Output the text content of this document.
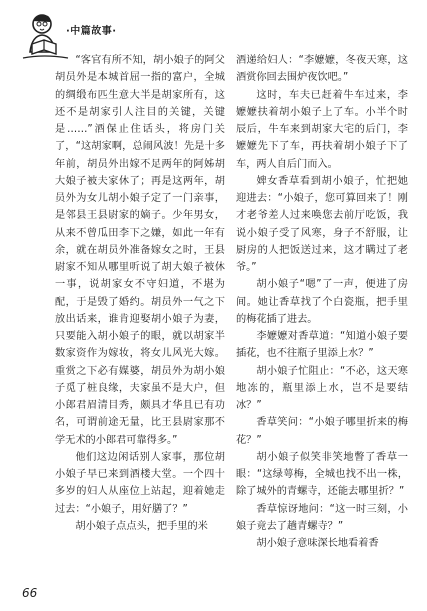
·中篇故事·

“客官有所不知，胡小娘子的阿父胡员外是本城首屈一指的富户，全城的绸缎布匹生意大半是胡家所有，这还不是胡家引人注目的关键，关键是……”酒保止住话头，将房门关了，“这胡家啊，总闹风波！先是十多年前，胡员外出嫁不足两年的阿姊胡大娘子被夫家休了；再是这两年，胡员外为女儿胡小娘子定了一门亲事，是邻县王县尉家的嫡子。少年男女，从来不曾瓜田李下之嫌，如此一年有余，就在胡员外准备嫁女之时，王县尉家不知从哪里听说了胡大娘子被休一事，说胡家女不守妇道，不堪为配，于是毁了婚约。胡员外一气之下放出话来，谁肯迎娶胡小娘子为妻，只要能入胡小娘子的眼，就以胡家半数家资作为嫁妆，将女儿风光大嫁。重赏之下必有媒婆，胡员外为胡小娘子觅了桩良缘，夫家虽不是大户，但小郎君眉清目秀，颇具才华且已有功名，可谓前途无量，比王县尉家那不学无术的小郎君可靠得多。”

他们这边闲话别人家事，那位胡小娘子早已来到酒楼大堂。一个四十多岁的妇人从座位上站起，迎着她走过去：“小娘子，用好膳了？”

胡小娘子点点头，把手里的米

酒递给妇人：“李嬷嬷，冬夜天寒，这酒赏你回去围炉夜饮吧。”

这时，车夫已赶着牛车过来，李嬷嬷扶着胡小娘子上了车。小半个时辰后，牛车来到胡家大宅的后门，李嬷嬷先下了车，再扶着胡小娘子下了车，两人自后门而入。

婢女香草看到胡小娘子，忙把她迎进去：“小娘子，您可算回来了！刚才老爷差人过来唤您去前厅吃饭，我说小娘子受了风寒，身子不舒服，让厨房的人把饭送过来，这才瞒过了老爷。”

胡小娘子“嗯”了一声，便进了房间。她让香草找了个白瓷瓶，把手里的梅花插了进去。

李嬷嬷对香草道：“知道小娘子要插花，也不往瓶子里添上水？”

胡小娘子忙阻止：“不必，这天寒地冻的，瓶里添上水，岂不是要结冰？”

香草笑问：“小娘子哪里折来的梅花？”

胡小娘子似笑非笑地瞥了香草一眼：“这绿萼梅，全城也找不出一株，除了城外的青螺寺，还能去哪里折？”

香草惊讶地问：“这一时三刻，小娘子竟去了趟青螺寺？”

胡小娘子意味深长地看着香

66
